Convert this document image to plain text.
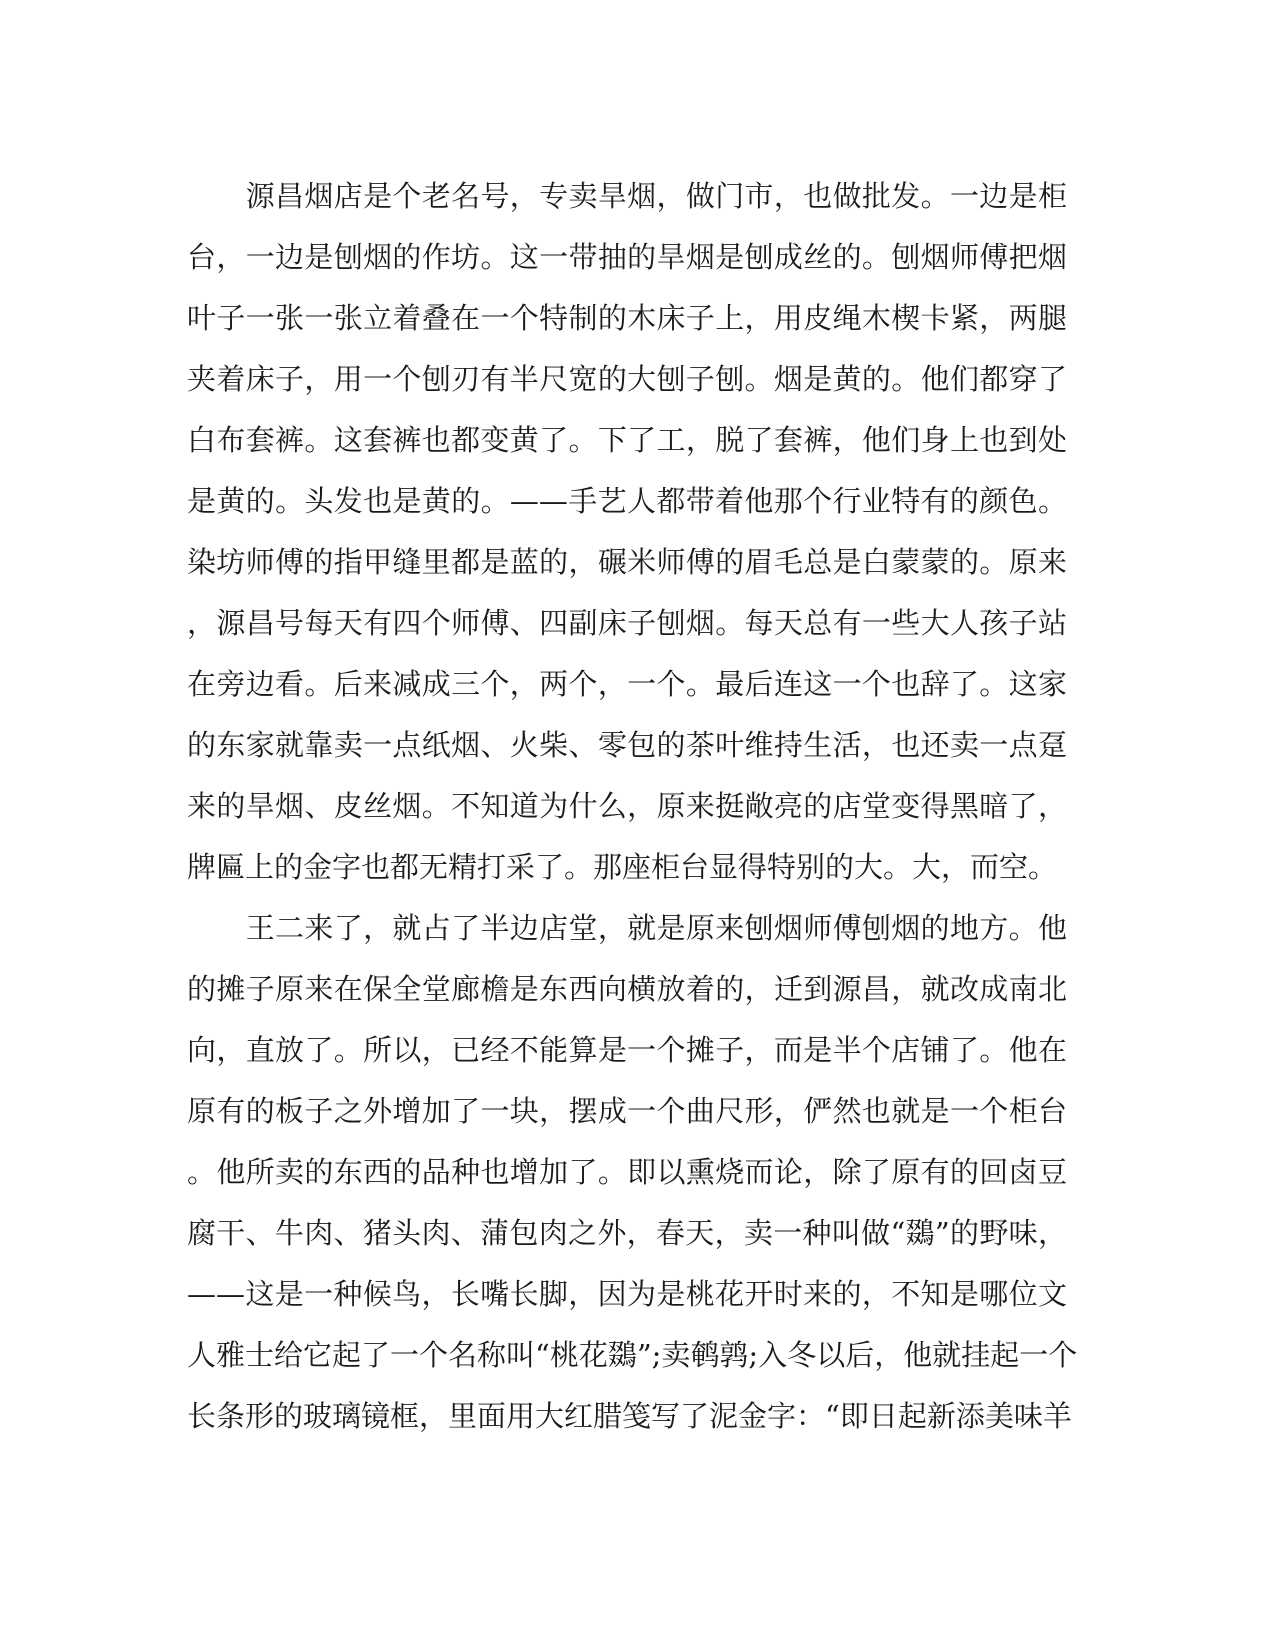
　　源昌烟店是个老名号，专卖旱烟，做门市，也做批发。一边是柜
台，一边是刨烟的作坊。这一带抽的旱烟是刨成丝的。刨烟师傅把烟
叶子一张一张立着叠在一个特制的木床子上，用皮绳木楔卡紧，两腿
夹着床子，用一个刨刃有半尺宽的大刨子刨。烟是黄的。他们都穿了
白布套裤。这套裤也都变黄了。下了工，脱了套裤，他们身上也到处
是黄的。头发也是黄的。——手艺人都带着他那个行业特有的颜色。
染坊师傅的指甲缝里都是蓝的，碾米师傅的眉毛总是白蒙蒙的。原来
，源昌号每天有四个师傅、四副床子刨烟。每天总有一些大人孩子站
在旁边看。后来减成三个，两个，一个。最后连这一个也辞了。这家
的东家就靠卖一点纸烟、火柴、零包的茶叶维持生活，也还卖一点趸
来的旱烟、皮丝烟。不知道为什么，原来挺敞亮的店堂变得黑暗了，
牌匾上的金字也都无精打采了。那座柜台显得特别的大。大，而空。
　　王二来了，就占了半边店堂，就是原来刨烟师傅刨烟的地方。他
的摊子原来在保全堂廊檐是东西向横放着的，迁到源昌，就改成南北
向，直放了。所以，已经不能算是一个摊子，而是半个店铺了。他在
原有的板子之外增加了一块，摆成一个曲尺形，俨然也就是一个柜台
。他所卖的东西的品种也增加了。即以熏烧而论，除了原有的回卤豆
腐干、牛肉、猪头肉、蒲包肉之外，春天，卖一种叫做“鵽”的野味，
——这是一种候鸟，长嘴长脚，因为是桃花开时来的，不知是哪位文
人雅士给它起了一个名称叫“桃花鵽”;卖鹌鹑;入冬以后，他就挂起一个
长条形的玻璃镜框，里面用大红腊笺写了泥金字：“即日起新添美味羊
